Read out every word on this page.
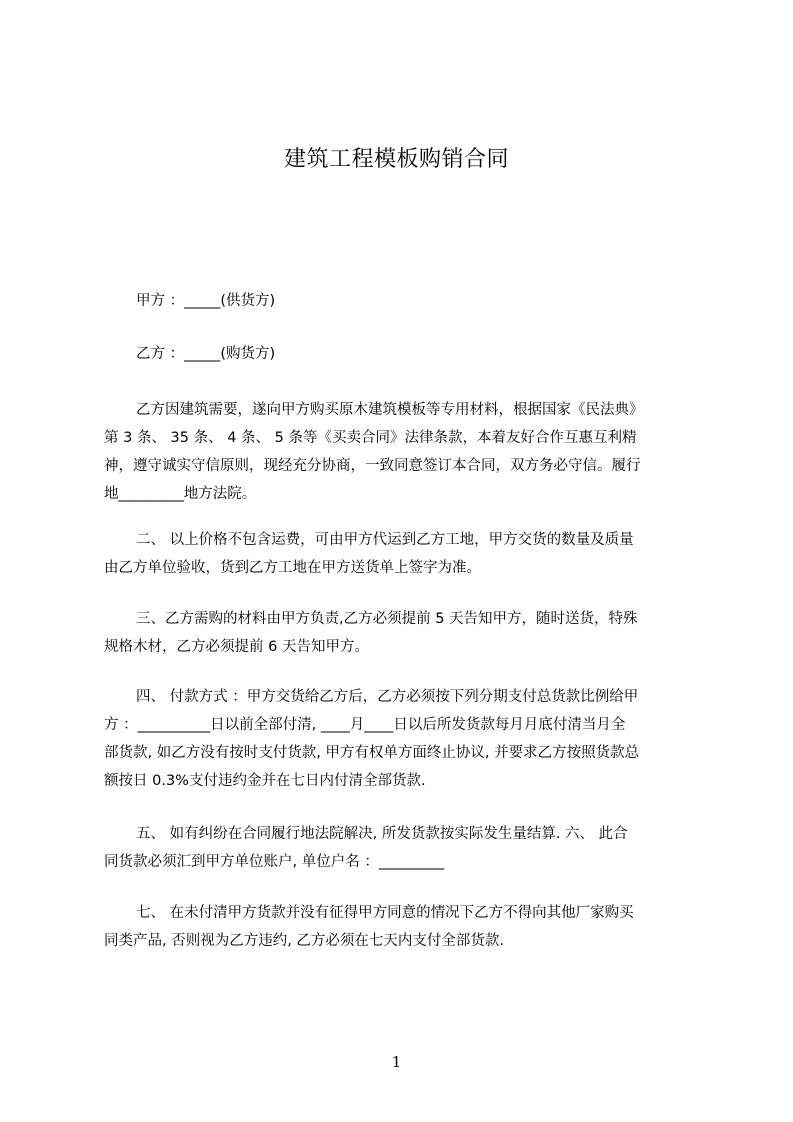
建筑工程模板购销合同

甲方 ：_____(供货方)

乙方 ：_____(购货方)

乙方因建筑需要，遂向甲方购买原木建筑模板等专用材料，根据国家《民法典》
第 3 条、 35 条、 4 条、 5 条等《买卖合同》法律条款，本着友好合作互惠互利精
神，遵守诚实守信原则，现经充分协商，一致同意签订本合同，双方务必守信。履行
地_________地方法院。

二、 以上价格不包含运费，可由甲方代运到乙方工地，甲方交货的数量及质量
由乙方单位验收，货到乙方工地在甲方送货单上签字为准。

三、乙方需购的材料由甲方负责,乙方必须提前 5 天告知甲方，随时送货，特殊
规格木材，乙方必须提前 6 天告知甲方。

四、 付款方式 ：甲方交货给乙方后，乙方必须按下列分期支付总货款比例给甲
方 ：__________日以前全部付清, ____月____日以后所发货款每月月底付清当月全
部货款, 如乙方没有按时支付货款, 甲方有权单方面终止协议, 并要求乙方按照货款总
额按日 0.3%支付违约金并在七日内付清全部货款.

五、 如有纠纷在合同履行地法院解决, 所发货款按实际发生量结算. 六、 此合
同货款必须汇到甲方单位账户, 单位户名 ：_________

七、 在未付清甲方货款并没有征得甲方同意的情况下乙方不得向其他厂家购买
同类产品, 否则视为乙方违约, 乙方必须在七天内支付全部货款.

1
